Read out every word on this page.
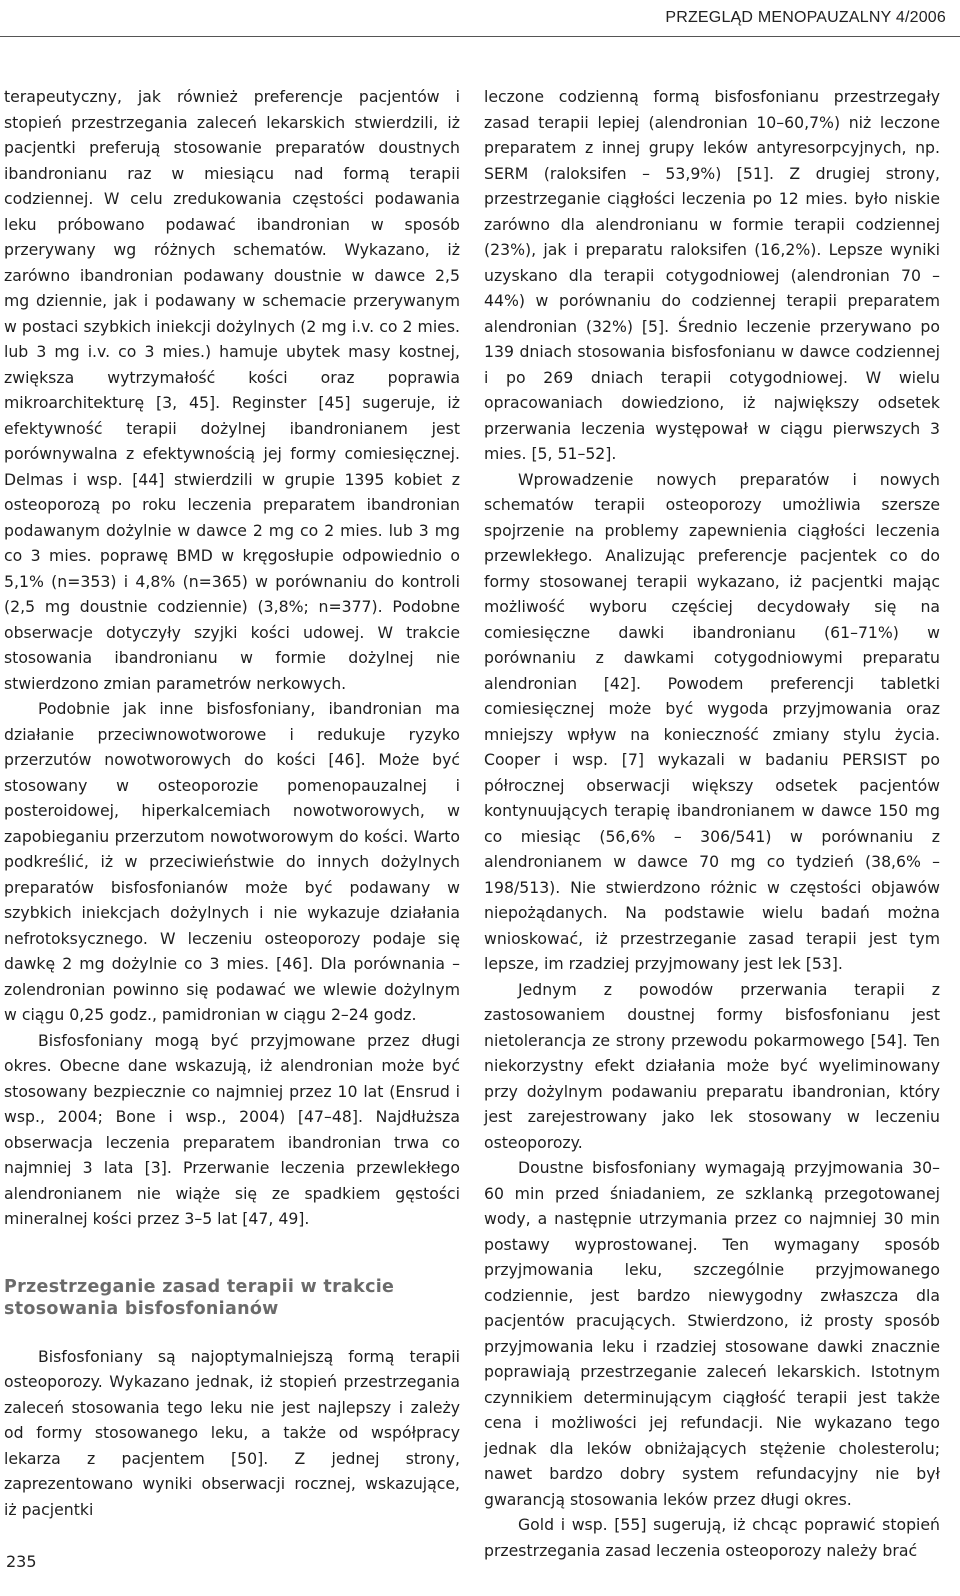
PRZEGLĄD MENOPAUZALNY 4/2006

terapeutyczny, jak również preferencje pacjentów i stopień przestrzegania zaleceń lekarskich stwierdzili, iż pacjentki preferują stosowanie preparatów doustnych ibandronianu raz w miesiącu nad formą terapii codziennej. W celu zredukowania częstości podawania leku próbowano podawać ibandronian w sposób przerywany wg różnych schematów. Wykazano, iż zarówno ibandronian podawany doustnie w dawce 2,5 mg dziennie, jak i podawany w schemacie przerywanym w postaci szybkich iniekcji dożylnych (2 mg i.v. co 2 mies. lub 3 mg i.v. co 3 mies.) hamuje ubytek masy kostnej, zwiększa wytrzymałość kości oraz poprawia mikroarchitekturę [3, 45]. Reginster [45] sugeruje, iż efektywność terapii dożylnej ibandronianem jest porównywalna z efektywnością jej formy comiesięcznej. Delmas i wsp. [44] stwierdzili w grupie 1395 kobiet z osteoporozą po roku leczenia preparatem ibandronian podawanym dożylnie w dawce 2 mg co 2 mies. lub 3 mg co 3 mies. poprawę BMD w kręgosłupie odpowiednio o 5,1% (n=353) i 4,8% (n=365) w porównaniu do kontroli (2,5 mg doustnie codziennie) (3,8%; n=377). Podobne obserwacje dotyczyły szyjki kości udowej. W trakcie stosowania ibandronianu w formie dożylnej nie stwierdzono zmian parametrów nerkowych.

Podobnie jak inne bisfosfoniany, ibandronian ma działanie przeciwnowotworowe i redukuje ryzyko przerzutów nowotworowych do kości [46]. Może być stosowany w osteoporozie pomenopauzalnej i posteroidowej, hiperkalcemiach nowotworowych, w zapobieganiu przerzutom nowotworowym do kości. Warto podkreślić, iż w przeciwieństwie do innych dożylnych preparatów bisfosfonianów może być podawany w szybkich iniekcjach dożylnych i nie wykazuje działania nefrotoksycznego. W leczeniu osteoporozy podaje się dawkę 2 mg dożylnie co 3 mies. [46]. Dla porównania – zolendronian powinno się podawać we wlewie dożylnym w ciągu 0,25 godz., pamidronian w ciągu 2–24 godz.

Bisfosfoniany mogą być przyjmowane przez długi okres. Obecne dane wskazują, iż alendronian może być stosowany bezpiecznie co najmniej przez 10 lat (Ensrud i wsp., 2004; Bone i wsp., 2004) [47–48]. Najdłuższa obserwacja leczenia preparatem ibandronian trwa co najmniej 3 lata [3]. Przerwanie leczenia przewlekłego alendronianem nie wiąże się ze spadkiem gęstości mineralnej kości przez 3–5 lat [47, 49].

Przestrzeganie zasad terapii w trakcie stosowania bisfosfonianów

Bisfosfoniany są najoptymalniejszą formą terapii osteoporozy. Wykazano jednak, iż stopień przestrzegania zaleceń stosowania tego leku nie jest najlepszy i zależy od formy stosowanego leku, a także od współpracy lekarza z pacjentem [50]. Z jednej strony, zaprezentowano wyniki obserwacji rocznej, wskazujące, iż pacjentki

leczone codzienną formą bisfosfonianu przestrzegały zasad terapii lepiej (alendronian 10–60,7%) niż leczone preparatem z innej grupy leków antyresorpcyjnych, np. SERM (raloksifen – 53,9%) [51]. Z drugiej strony, przestrzeganie ciągłości leczenia po 12 mies. było niskie zarówno dla alendronianu w formie terapii codziennej (23%), jak i preparatu raloksifen (16,2%). Lepsze wyniki uzyskano dla terapii cotygodniowej (alendronian 70 – 44%) w porównaniu do codziennej terapii preparatem alendronian (32%) [5]. Średnio leczenie przerywano po 139 dniach stosowania bisfosfonianu w dawce codziennej i po 269 dniach terapii cotygodniowej. W wielu opracowaniach dowiedziono, iż największy odsetek przerwania leczenia występował w ciągu pierwszych 3 mies. [5, 51–52].

Wprowadzenie nowych preparatów i nowych schematów terapii osteoporozy umożliwia szersze spojrzenie na problemy zapewnienia ciągłości leczenia przewlekłego. Analizując preferencje pacjentek co do formy stosowanej terapii wykazano, iż pacjentki mając możliwość wyboru częściej decydowały się na comiesięczne dawki ibandronianu (61–71%) w porównaniu z dawkami cotygodniowymi preparatu alendronian [42]. Powodem preferencji tabletki comiesięcznej może być wygoda przyjmowania oraz mniejszy wpływ na konieczność zmiany stylu życia. Cooper i wsp. [7] wykazali w badaniu PERSIST po półrocznej obserwacji większy odsetek pacjentów kontynuujących terapię ibandronianem w dawce 150 mg co miesiąc (56,6% – 306/541) w porównaniu z alendronianem w dawce 70 mg co tydzień (38,6% – 198/513). Nie stwierdzono różnic w częstości objawów niepożądanych. Na podstawie wielu badań można wnioskować, iż przestrzeganie zasad terapii jest tym lepsze, im rzadziej przyjmowany jest lek [53].

Jednym z powodów przerwania terapii z zastosowaniem doustnej formy bisfosfonianu jest nietolerancja ze strony przewodu pokarmowego [54]. Ten niekorzystny efekt działania może być wyeliminowany przy dożylnym podawaniu preparatu ibandronian, który jest zarejestrowany jako lek stosowany w leczeniu osteoporozy.

Doustne bisfosfoniany wymagają przyjmowania 30–60 min przed śniadaniem, ze szklanką przegotowanej wody, a następnie utrzymania przez co najmniej 30 min postawy wyprostowanej. Ten wymagany sposób przyjmowania leku, szczególnie przyjmowanego codziennie, jest bardzo niewygodny zwłaszcza dla pacjentów pracujących. Stwierdzono, iż prosty sposób przyjmowania leku i rzadziej stosowane dawki znacznie poprawiają przestrzeganie zaleceń lekarskich. Istotnym czynnikiem determinującym ciągłość terapii jest także cena i możliwości jej refundacji. Nie wykazano tego jednak dla leków obniżających stężenie cholesterolu; nawet bardzo dobry system refundacyjny nie był gwarancją stosowania leków przez długi okres.

Gold i wsp. [55] sugerują, iż chcąc poprawić stopień przestrzegania zasad leczenia osteoporozy należy brać

235
